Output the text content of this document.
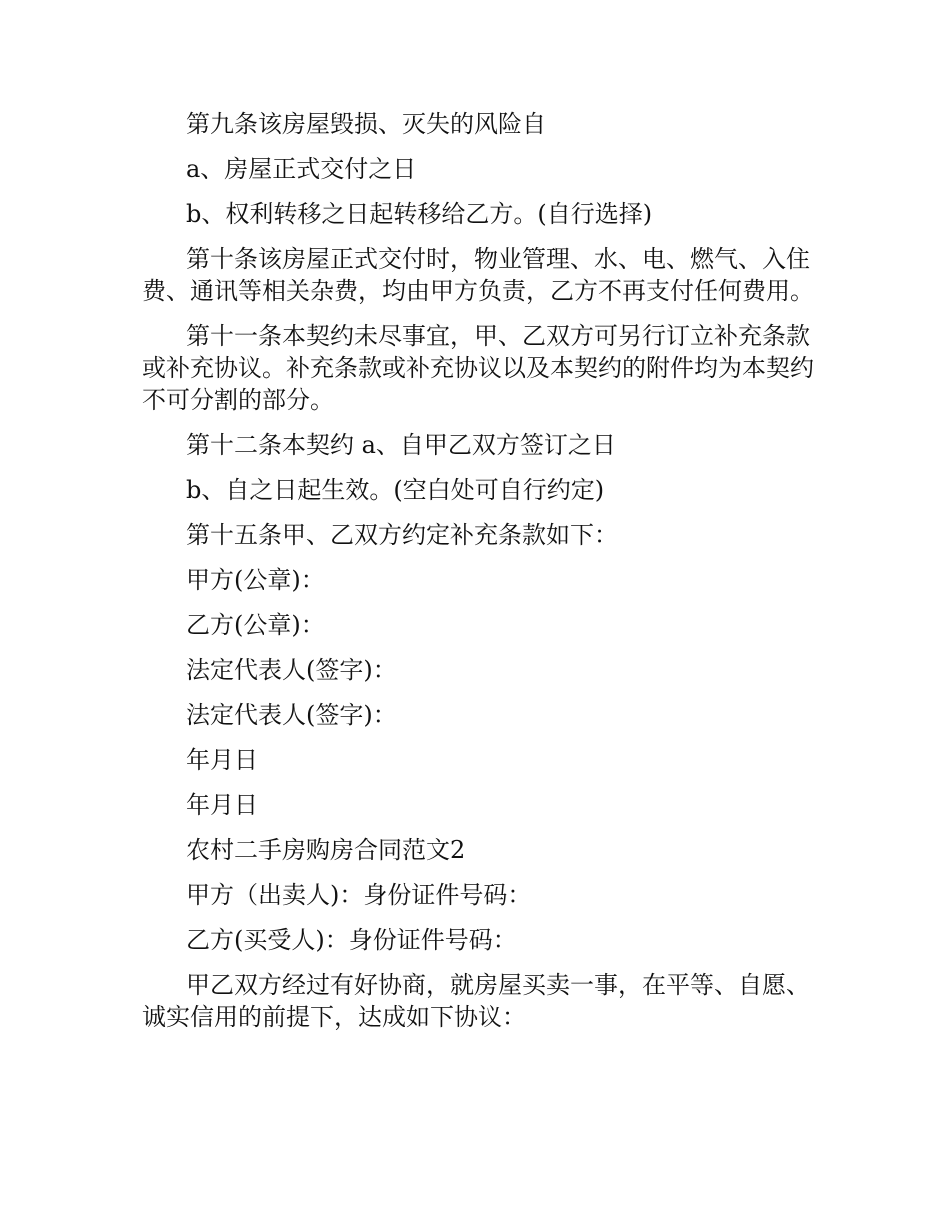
第九条该房屋毁损、灭失的风险自

a、房屋正式交付之日

b、权利转移之日起转移给乙方。(自行选择)

第十条该房屋正式交付时，物业管理、水、电、燃气、入住费、通讯等相关杂费，均由甲方负责，乙方不再支付任何费用。

第十一条本契约未尽事宜，甲、乙双方可另行订立补充条款或补充协议。补充条款或补充协议以及本契约的附件均为本契约不可分割的部分。

第十二条本契约 a、自甲乙双方签订之日

b、自之日起生效。(空白处可自行约定)

第十五条甲、乙双方约定补充条款如下：

甲方(公章)：

乙方(公章)：

法定代表人(签字)：

法定代表人(签字)：

年月日

年月日

农村二手房购房合同范文2

甲方（出卖人)：身份证件号码：

乙方(买受人)：身份证件号码：

甲乙双方经过有好协商，就房屋买卖一事，在平等、自愿、诚实信用的前提下，达成如下协议：
